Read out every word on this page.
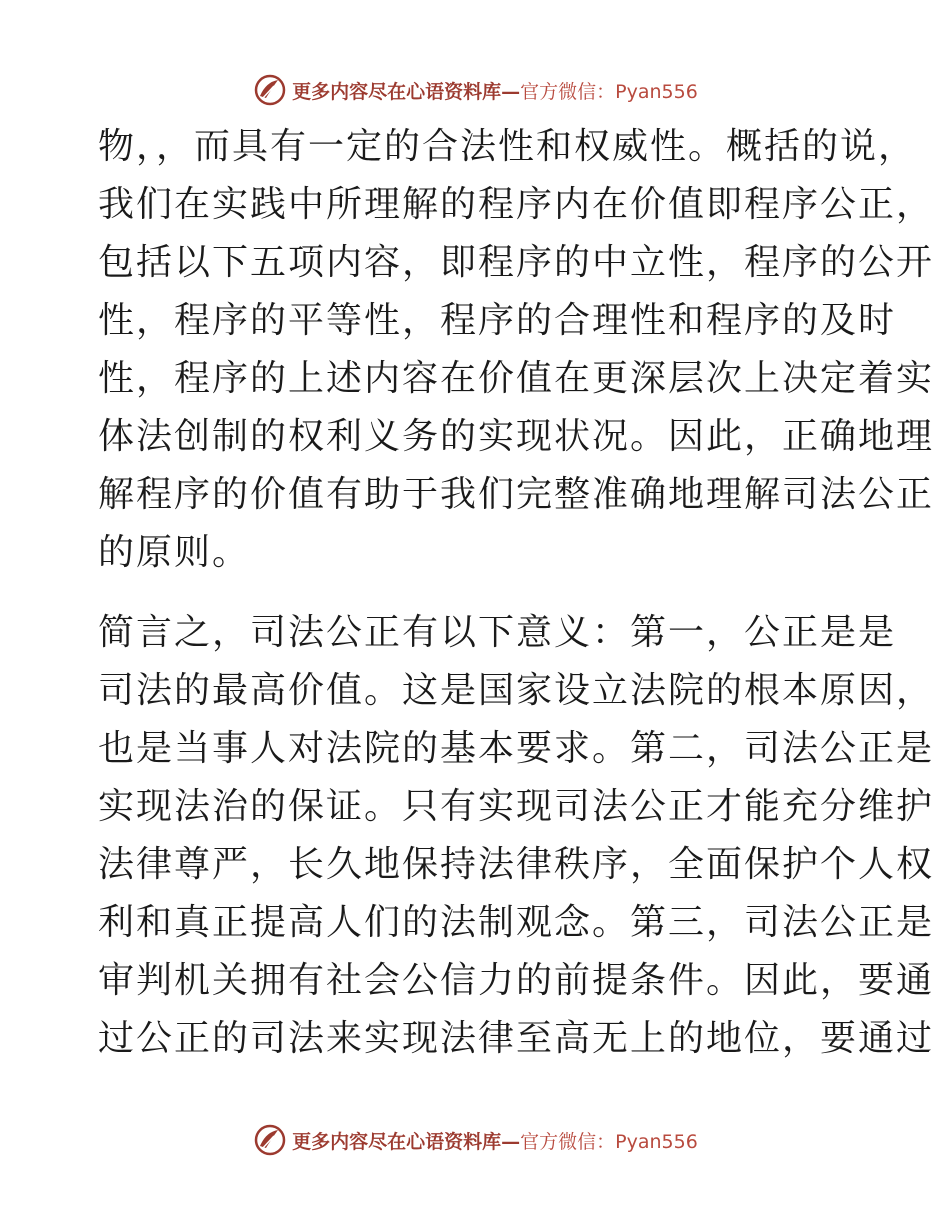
更多内容尽在心语资料库— 官方微信：Pyan556
物，，而具有一定的合法性和权威性。概括的说，
我们在实践中所理解的程序内在价值即程序公正，
包括以下五项内容，即程序的中立性，程序的公开
性，程序的平等性，程序的合理性和程序的及时
性，程序的上述内容在价值在更深层次上决定着实
体法创制的权利义务的实现状况。因此，正确地理
解程序的价值有助于我们完整准确地理解司法公正
的原则。
简言之，司法公正有以下意义：第一，公正是是
司法的最高价值。这是国家设立法院的根本原因，
也是当事人对法院的基本要求。第二，司法公正是
实现法治的保证。只有实现司法公正才能充分维护
法律尊严，长久地保持法律秩序，全面保护个人权
利和真正提高人们的法制观念。第三，司法公正是
审判机关拥有社会公信力的前提条件。因此，要通
过公正的司法来实现法律至高无上的地位，要通过
更多内容尽在心语资料库— 官方微信：Pyan556
